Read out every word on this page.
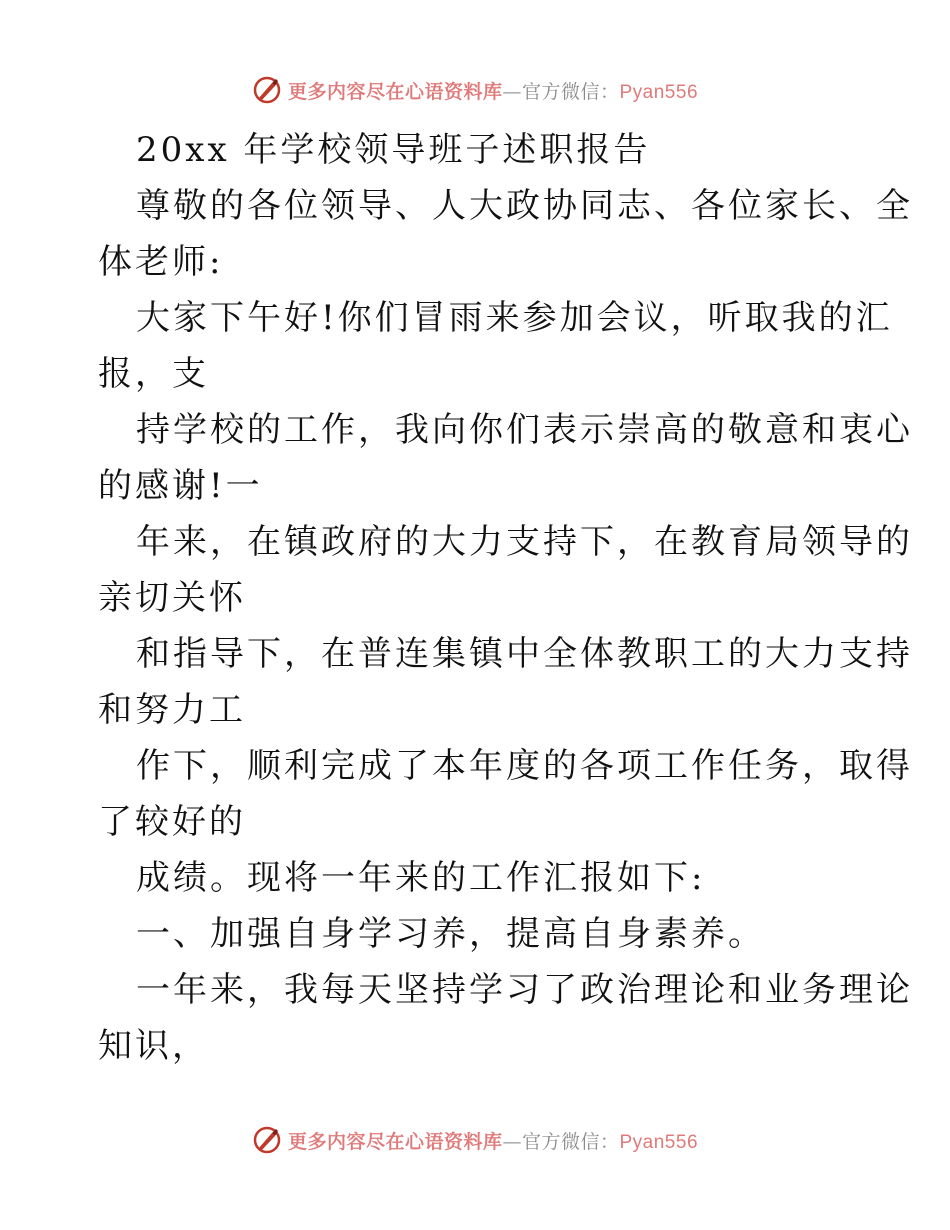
更多内容尽在心语资料库 — 官方微信： Pyan556
20xx 年学校领导班子述职报告
尊敬的各位领导、人大政协同志、各位家长、全
体老师:
大家下午好!你们冒雨来参加会议，听取我的汇
报，支
持学校的工作，我向你们表示崇高的敬意和衷心
的感谢!一
年来，在镇政府的大力支持下，在教育局领导的
亲切关怀
和指导下，在普连集镇中全体教职工的大力支持
和努力工
作下，顺利完成了本年度的各项工作任务，取得
了较好的
成绩。现将一年来的工作汇报如下:
一、加强自身学习养，提高自身素养。
一年来，我每天坚持学习了政治理论和业务理论
知识，
更多内容尽在心语资料库 — 官方微信： Pyan556
